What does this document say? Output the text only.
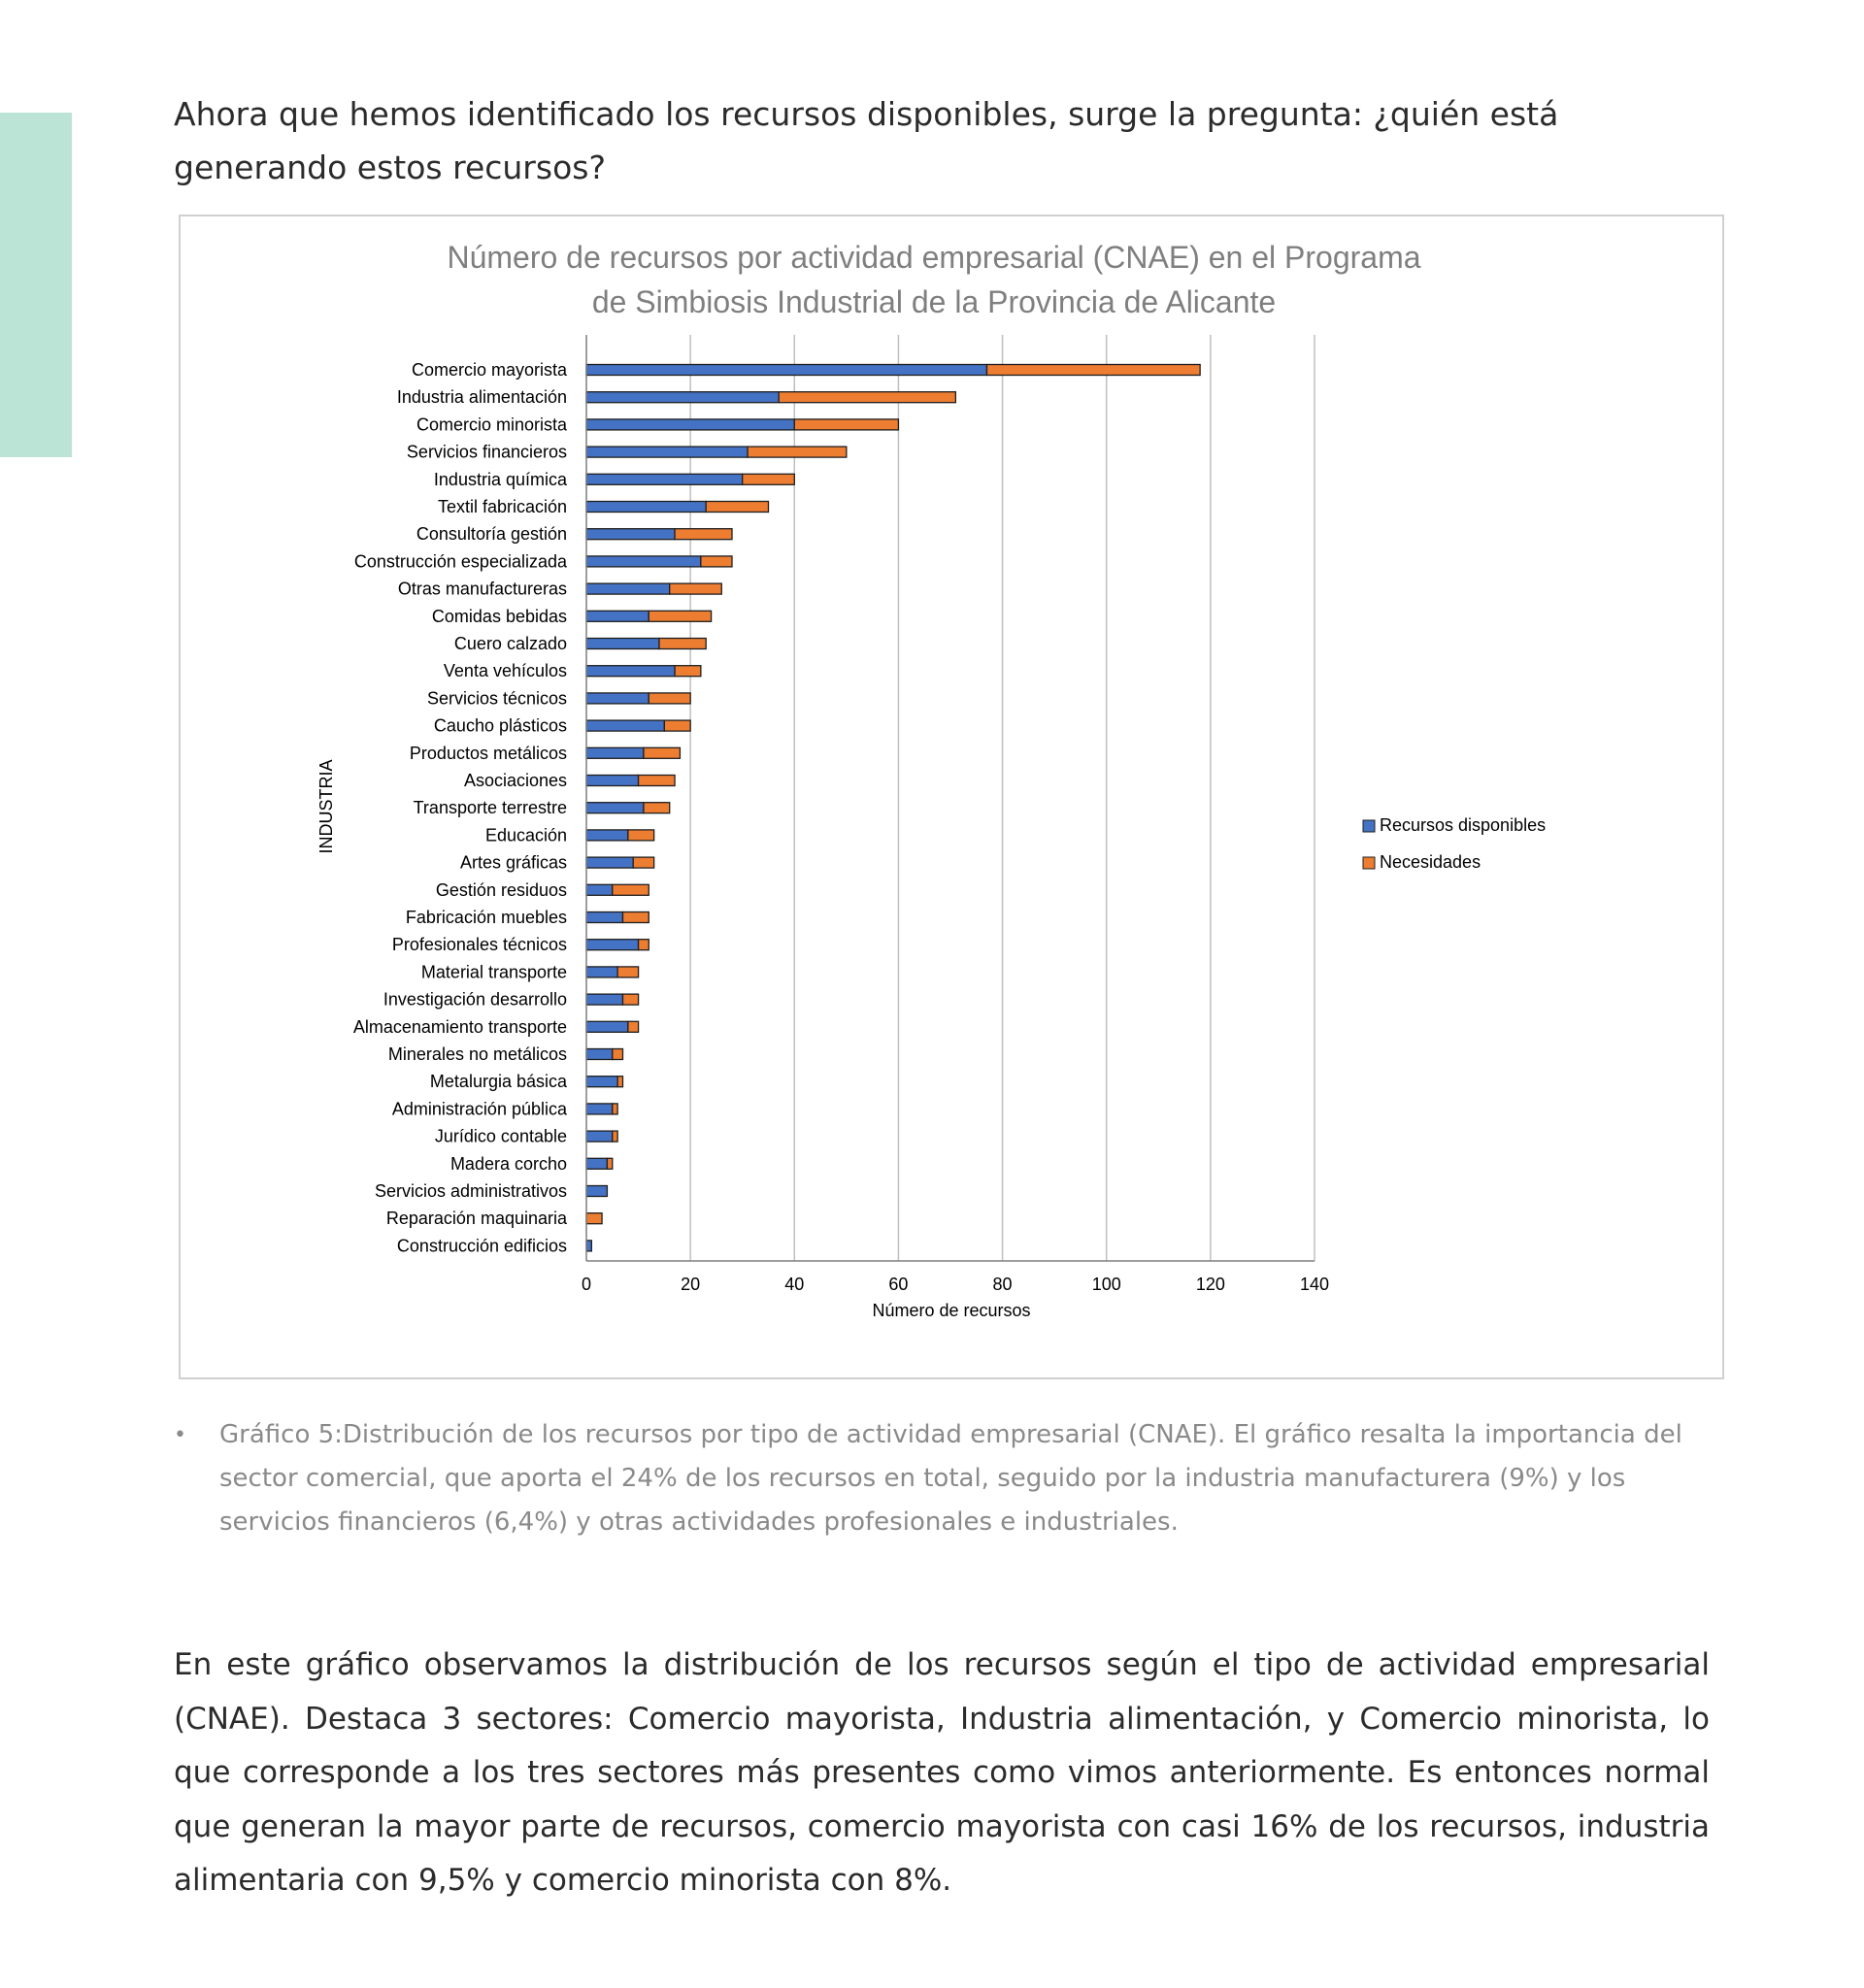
Ahora que hemos identificado los recursos disponibles, surge la pregunta: ¿quién está generando estos recursos?

Número de recursos por actividad empresarial (CNAE) en el Programa
de Simbiosis Industrial de la Provincia de Alicante
Comercio mayorista
Industria alimentación
Comercio minorista
Servicios financieros
Industria química
Textil fabricación
Consultoría gestión
Construcción especializada
Otras manufactureras
Comidas bebidas
Cuero calzado
Venta vehículos
Servicios técnicos
Caucho plásticos
Productos metálicos
Asociaciones
Transporte terrestre
Educación
Artes gráficas
Gestión residuos
Fabricación muebles
Profesionales técnicos
Material transporte
Investigación desarrollo
Almacenamiento transporte
Minerales no metálicos
Metalurgia básica
Administración pública
Jurídico contable
Madera corcho
Servicios administrativos
Reparación maquinaria
Construcción edificios
0	20	40	60	80	100	120	140
Número de recursos
INDUSTRIA	Recursos disponibles
Necesidades
•	Gráfico 5:Distribución de los recursos por tipo de actividad empresarial (CNAE). El gráfico resalta la importancia del sector comercial, que aporta el 24% de los recursos en total, seguido por la industria manufacturera (9%) y los servicios financieros (6,4%) y otras actividades profesionales e industriales.

En este gráfico observamos la distribución de los recursos según el tipo de actividad empresarial (CNAE). Destaca 3 sectores: Comercio mayorista, Industria alimentación, y Comercio minorista, lo que corresponde a los tres sectores más presentes como vimos anteriormente. Es entonces normal que generan la mayor parte de recursos, comercio mayorista con casi 16% de los recursos, industria alimentaria con 9,5% y comercio minorista con 8%.
